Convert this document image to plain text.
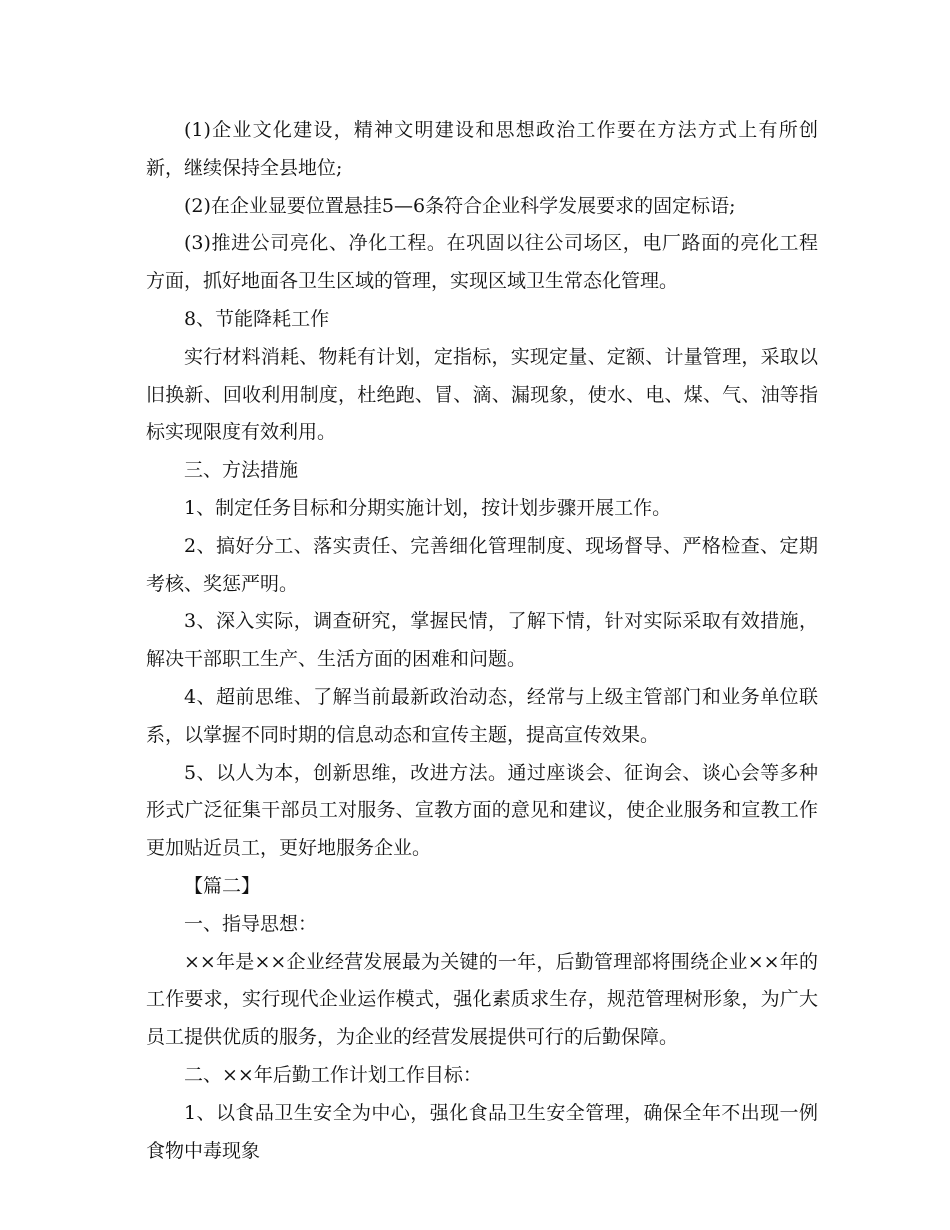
(1)企业文化建设，精神文明建设和思想政治工作要在方法方式上有所创新，继续保持全县地位;

(2)在企业显要位置悬挂5—6条符合企业科学发展要求的固定标语;

(3)推进公司亮化、净化工程。在巩固以往公司场区，电厂路面的亮化工程方面，抓好地面各卫生区域的管理，实现区域卫生常态化管理。

8、节能降耗工作

实行材料消耗、物耗有计划，定指标，实现定量、定额、计量管理，采取以旧换新、回收利用制度，杜绝跑、冒、滴、漏现象，使水、电、煤、气、油等指标实现限度有效利用。

三、方法措施

1、制定任务目标和分期实施计划，按计划步骤开展工作。

2、搞好分工、落实责任、完善细化管理制度、现场督导、严格检查、定期考核、奖惩严明。

3、深入实际，调查研究，掌握民情，了解下情，针对实际采取有效措施，解决干部职工生产、生活方面的困难和问题。

4、超前思维、了解当前最新政治动态，经常与上级主管部门和业务单位联系，以掌握不同时期的信息动态和宣传主题，提高宣传效果。

5、以人为本，创新思维，改进方法。通过座谈会、征询会、谈心会等多种形式广泛征集干部员工对服务、宣教方面的意见和建议，使企业服务和宣教工作更加贴近员工，更好地服务企业。

【篇二】

一、指导思想：

××年是××企业经营发展最为关键的一年，后勤管理部将围绕企业××年的工作要求，实行现代企业运作模式，强化素质求生存，规范管理树形象，为广大员工提供优质的服务，为企业的经营发展提供可行的后勤保障。

二、××年后勤工作计划工作目标：

1、以食品卫生安全为中心，强化食品卫生安全管理，确保全年不出现一例食物中毒现象
